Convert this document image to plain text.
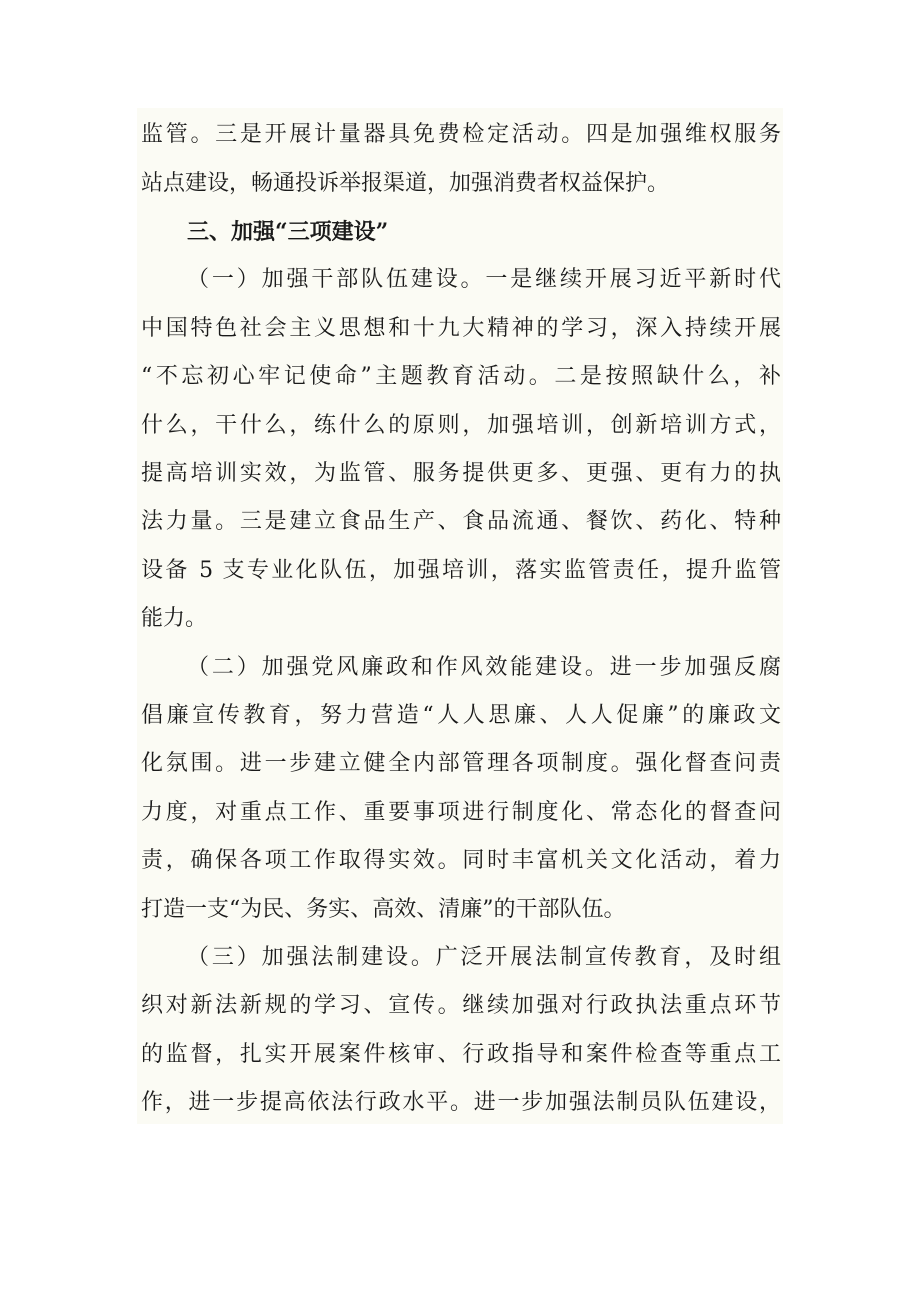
监管。三是开展计量器具免费检定活动。四是加强维权服务
站点建设，畅通投诉举报渠道，加强消费者权益保护。
三、加强“三项建设”
（一）加强干部队伍建设。一是继续开展习近平新时代
中国特色社会主义思想和十九大精神的学习，深入持续开展
“不忘初心牢记使命”主题教育活动。二是按照缺什么，补
什么，干什么，练什么的原则，加强培训，创新培训方式，
提高培训实效，为监管、服务提供更多、更强、更有力的执
法力量。三是建立食品生产、食品流通、餐饮、药化、特种
设备 5 支专业化队伍，加强培训，落实监管责任，提升监管
能力。
（二）加强党风廉政和作风效能建设。进一步加强反腐
倡廉宣传教育，努力营造“人人思廉、人人促廉”的廉政文
化氛围。进一步建立健全内部管理各项制度。强化督查问责
力度，对重点工作、重要事项进行制度化、常态化的督查问
责，确保各项工作取得实效。同时丰富机关文化活动，着力
打造一支“为民、务实、高效、清廉”的干部队伍。
（三）加强法制建设。广泛开展法制宣传教育，及时组
织对新法新规的学习、宣传。继续加强对行政执法重点环节
的监督，扎实开展案件核审、行政指导和案件检查等重点工
作，进一步提高依法行政水平。进一步加强法制员队伍建设，
